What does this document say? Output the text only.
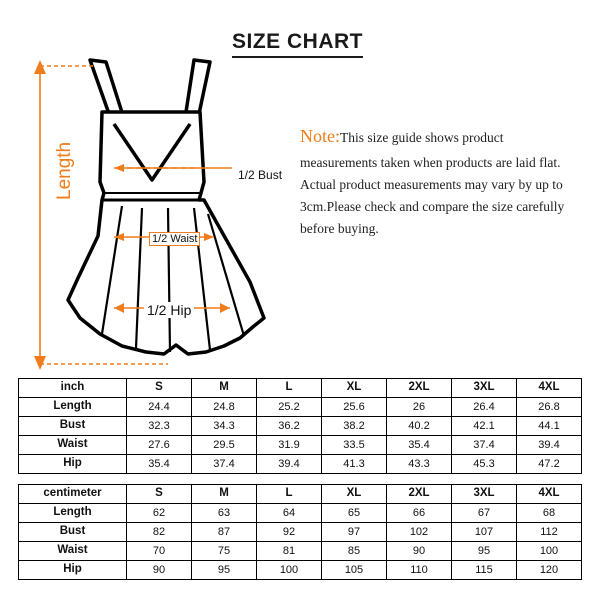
SIZE CHART
Length	1/2 Bust
1/2 Waist
1/2 Hip
Note:This size guide shows product measurements taken when products are laid flat. Actual product measurements may vary by up to 3cm.Please check and compare the size carefully before buying.
inch	S	M	L	XL	2XL	3XL	4XL
Length	24.4	24.8	25.2	25.6	26	26.4	26.8
Bust	32.3	34.3	36.2	38.2	40.2	42.1	44.1
Waist	27.6	29.5	31.9	33.5	35.4	37.4	39.4
Hip	35.4	37.4	39.4	41.3	43.3	45.3	47.2
centimeter	S	M	L	XL	2XL	3XL	4XL
Length	62	63	64	65	66	67	68
Bust	82	87	92	97	102	107	112
Waist	70	75	81	85	90	95	100
Hip	90	95	100	105	110	115	120
